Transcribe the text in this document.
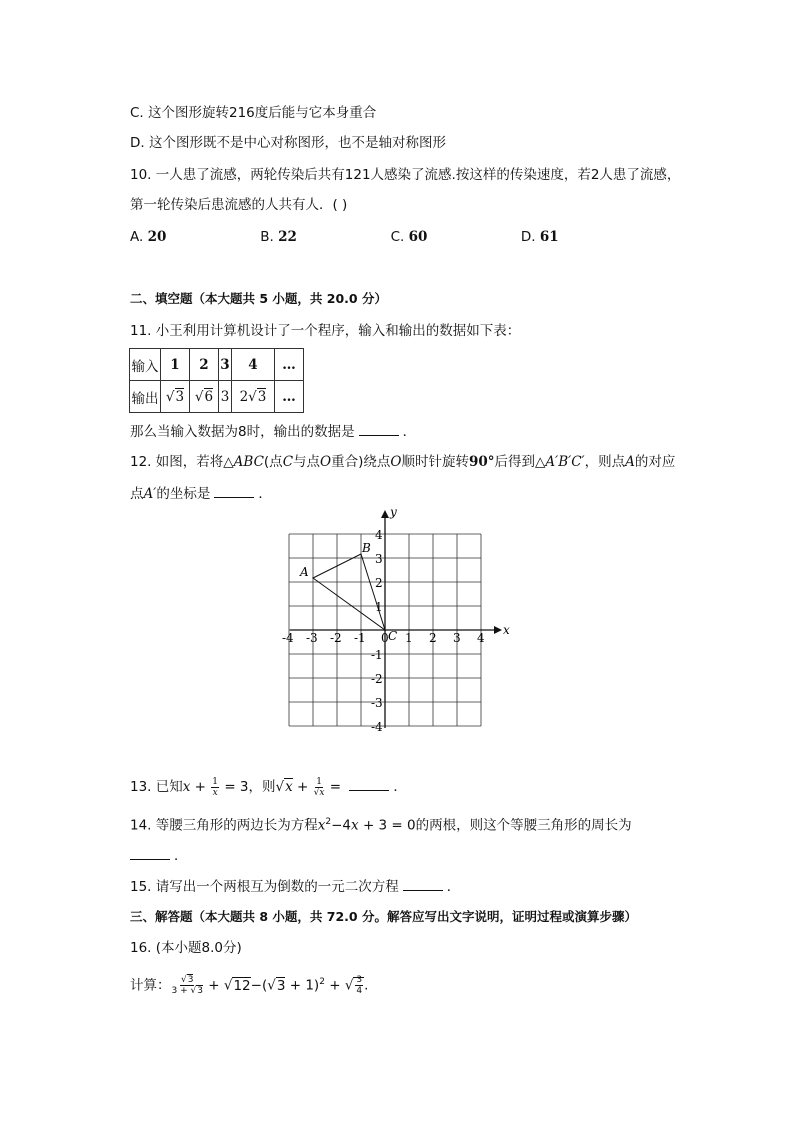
C. 这个图形旋转216度后能与它本身重合
D. 这个图形既不是中心对称图形，也不是轴对称图形
10. 一人患了流感，两轮传染后共有121人感染了流感.按这样的传染速度，若2人患了流感，
第一轮传染后患流感的人共有人．( )
A. 20	B. 22	C. 60	D. 61
二、填空题（本大题共 5 小题，共 20.0 分）
11. 小王利用计算机设计了一个程序，输入和输出的数据如下表：
输入	1	2	3	4	…
输出	√3	√6	3	2√3	…
那么当输入数据为8时，输出的数据是	．
12. 如图，若将△ABC(点C与点O重合)绕点O顺时针旋转90°后得到△A′B′C′，则点A的对应
点A′的坐标是	．
-4 -3 -2 -1 0 1 2 3 4
4
3
2
1
-1
-2
-3
-4
x
y
A
B
C
13. 已知$x + \frac{1}{x} = 3$，则$√x + \frac{1}{√x}$ =	．
14. 等腰三角形的两边长为方程$x^2-4x + 3 = 0$的两根，则这个等腰三角形的周长为
．
15. 请写出一个两根互为倒数的一元二次方程	．
三、解答题（本大题共 8 小题，共 72.0 分。解答应写出文字说明，证明过程或演算步骤）
16. (本小题8.0分)
计算： $\frac{√3}{3 + √3} + √12-(√3 + 1)^2$ + √ $\frac{3}{4}$ .
